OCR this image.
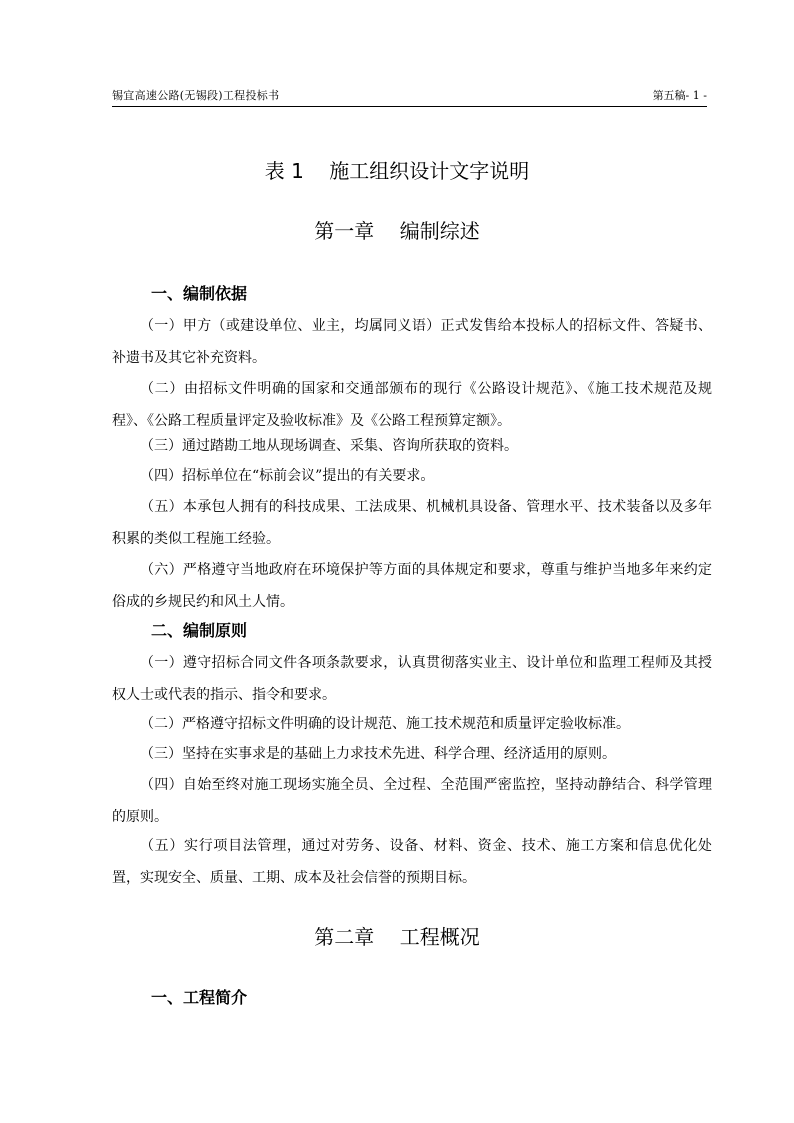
锡宜高速公路(无锡段)工程投标书	第五稿- 1 -
表 1    施工组织设计文字说明
第一章    编制综述
一、编制依据
（一）甲方（或建设单位、业主，均属同义语）正式发售给本投标人的招标文件、答疑书、补遗书及其它补充资料。
（二）由招标文件明确的国家和交通部颁布的现行《公路设计规范》、《施工技术规范及规程》、《公路工程质量评定及验收标准》及《公路工程预算定额》。
（三）通过踏勘工地从现场调查、采集、咨询所获取的资料。
（四）招标单位在“标前会议”提出的有关要求。
（五）本承包人拥有的科技成果、工法成果、机械机具设备、管理水平、技术装备以及多年积累的类似工程施工经验。
（六）严格遵守当地政府在环境保护等方面的具体规定和要求，尊重与维护当地多年来约定俗成的乡规民约和风土人情。
二、编制原则
（一）遵守招标合同文件各项条款要求，认真贯彻落实业主、设计单位和监理工程师及其授权人士或代表的指示、指令和要求。
（二）严格遵守招标文件明确的设计规范、施工技术规范和质量评定验收标准。
（三）坚持在实事求是的基础上力求技术先进、科学合理、经济适用的原则。
（四）自始至终对施工现场实施全员、全过程、全范围严密监控，坚持动静结合、科学管理的原则。
（五）实行项目法管理，通过对劳务、设备、材料、资金、技术、施工方案和信息优化处置，实现安全、质量、工期、成本及社会信誉的预期目标。
第二章    工程概况
一、工程简介
